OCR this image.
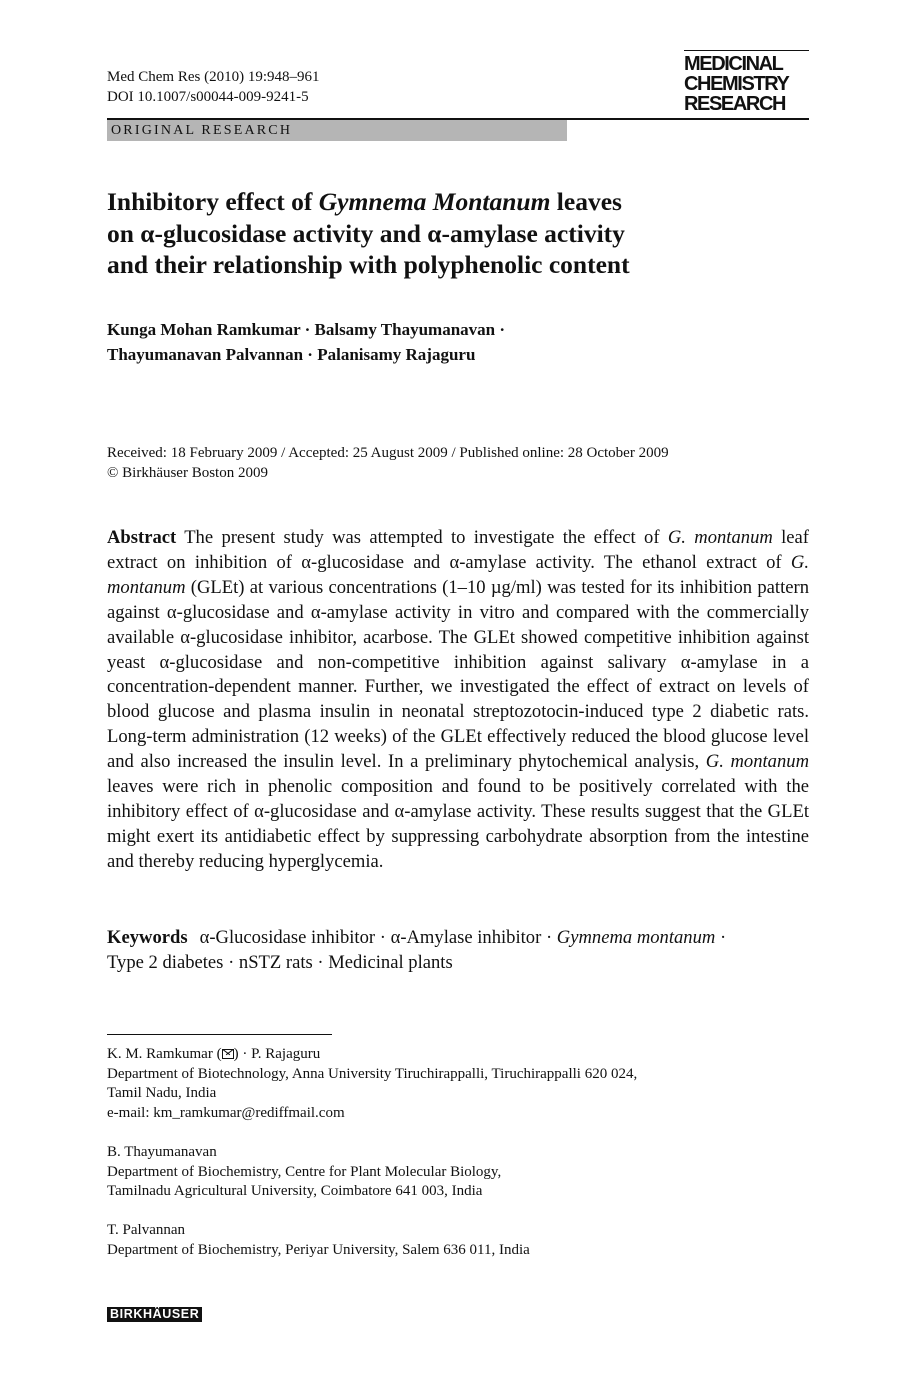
Med Chem Res (2010) 19:948–961
DOI 10.1007/s00044-009-9241-5
MEDICINAL
CHEMISTRY
RESEARCH
ORIGINAL RESEARCH
Inhibitory effect of Gymnema Montanum leaves
on α-glucosidase activity and α-amylase activity
and their relationship with polyphenolic content
Kunga Mohan Ramkumar · Balsamy Thayumanavan ·
Thayumanavan Palvannan · Palanisamy Rajaguru
Received: 18 February 2009 / Accepted: 25 August 2009 / Published online: 28 October 2009
© Birkhäuser Boston 2009
Abstract The present study was attempted to investigate the effect of G. montanum leaf extract on inhibition of α-glucosidase and α-amylase activity. The ethanol extract of G. montanum (GLEt) at various concentrations (1–10 µg/ml) was tested for its inhibition pattern against α-glucosidase and α-amylase activity in vitro and compared with the commercially available α-glucosidase inhibitor, acarbose. The GLEt showed competitive inhibition against yeast α-glucosidase and non-competitive inhibition against salivary α-amylase in a concentration-dependent manner. Further, we investigated the effect of extract on levels of blood glucose and plasma insulin in neonatal streptozotocin-induced type 2 diabetic rats. Long-term administration (12 weeks) of the GLEt effectively reduced the blood glucose level and also increased the insulin level. In a preliminary phytochemical analysis, G. montanum leaves were rich in phenolic composition and found to be positively correlated with the inhibitory effect of α-glucosidase and α-amylase activity. These results suggest that the GLEt might exert its antidiabetic effect by suppressing carbohydrate absorption from the intestine and thereby reducing hyperglycemia.
Keywords α-Glucosidase inhibitor · α-Amylase inhibitor · Gymnema montanum ·
Type 2 diabetes · nSTZ rats · Medicinal plants
K. M. Ramkumar ( ) · P. Rajaguru
Department of Biotechnology, Anna University Tiruchirappalli, Tiruchirappalli 620 024,
Tamil Nadu, India
e-mail: km_ramkumar@rediffmail.com
B. Thayumanavan
Department of Biochemistry, Centre for Plant Molecular Biology,
Tamilnadu Agricultural University, Coimbatore 641 003, India
T. Palvannan
Department of Biochemistry, Periyar University, Salem 636 011, India
BIRKHÄUSER
